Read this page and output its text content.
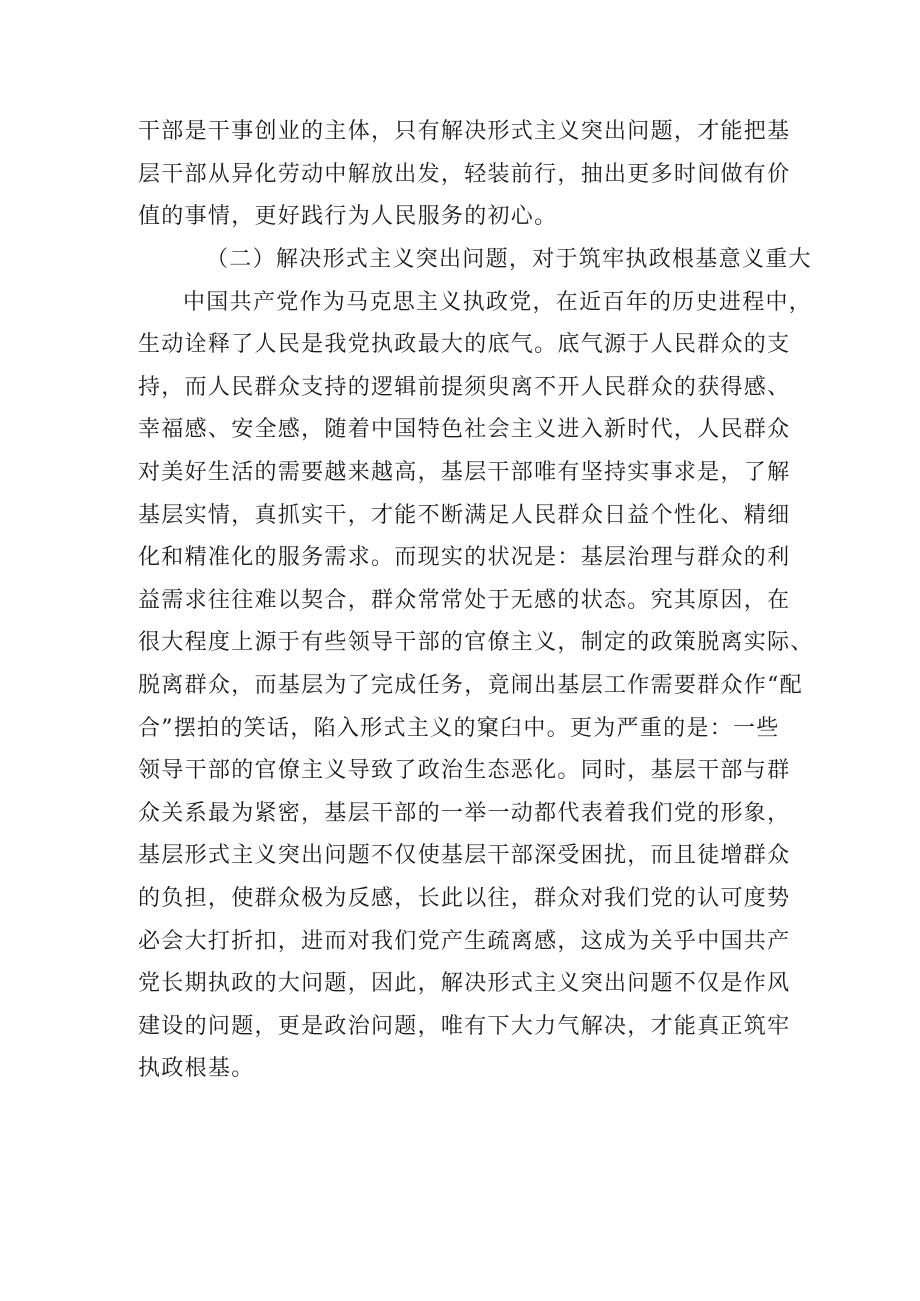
干部是干事创业的主体，只有解决形式主义突出问题，才能把基
层干部从异化劳动中解放出发，轻装前行，抽出更多时间做有价
值的事情，更好践行为人民服务的初心。
（二）解决形式主义突出问题，对于筑牢执政根基意义重大
中国共产党作为马克思主义执政党，在近百年的历史进程中，
生动诠释了人民是我党执政最大的底气。底气源于人民群众的支
持，而人民群众支持的逻辑前提须臾离不开人民群众的获得感、
幸福感、安全感，随着中国特色社会主义进入新时代，人民群众
对美好生活的需要越来越高，基层干部唯有坚持实事求是，了解
基层实情，真抓实干，才能不断满足人民群众日益个性化、精细
化和精准化的服务需求。而现实的状况是：基层治理与群众的利
益需求往往难以契合，群众常常处于无感的状态。究其原因，在
很大程度上源于有些领导干部的官僚主义，制定的政策脱离实际、
脱离群众，而基层为了完成任务，竟闹出基层工作需要群众作“配
合”摆拍的笑话，陷入形式主义的窠臼中。更为严重的是：一些
领导干部的官僚主义导致了政治生态恶化。同时，基层干部与群
众关系最为紧密，基层干部的一举一动都代表着我们党的形象，
基层形式主义突出问题不仅使基层干部深受困扰，而且徒增群众
的负担，使群众极为反感，长此以往，群众对我们党的认可度势
必会大打折扣，进而对我们党产生疏离感，这成为关乎中国共产
党长期执政的大问题，因此，解决形式主义突出问题不仅是作风
建设的问题，更是政治问题，唯有下大力气解决，才能真正筑牢
执政根基。
